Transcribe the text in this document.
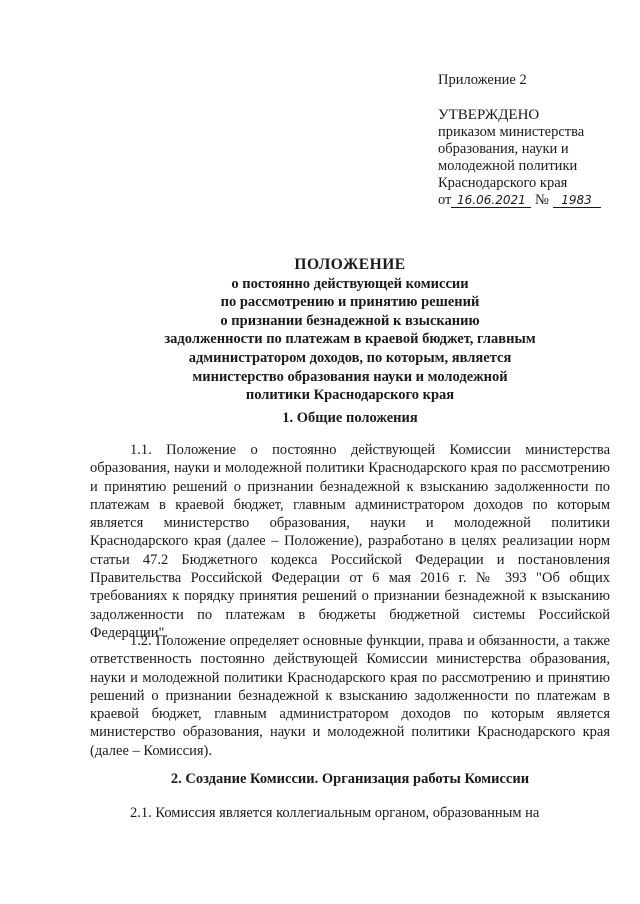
Приложение 2
УТВЕРЖДЕНО
приказом министерства
образования, науки и
молодежной политики
Краснодарского края
от 16.06.2021 № 1983
ПОЛОЖЕНИЕ
о постоянно действующей комиссии
по рассмотрению и принятию решений
о признании безнадежной к взысканию
задолженности по платежам в краевой бюджет, главным
администратором доходов, по которым, является
министерство образования науки и молодежной
политики Краснодарского края
1. Общие положения
1.1. Положение о постоянно действующей Комиссии министерства образования, науки и молодежной политики Краснодарского края по рассмотрению и принятию решений о признании безнадежной к взысканию задолженности по платежам в краевой бюджет, главным администратором доходов по которым является министерство образования, науки и молодежной политики Краснодарского края (далее – Положение), разработано в целях реализации норм статьи 47.2 Бюджетного кодекса Российской Федерации и постановления Правительства Российской Федерации от 6 мая 2016 г. № 393 "Об общих требованиях к порядку принятия решений о признании безнадежной к взысканию задолженности по платежам в бюджеты бюджетной системы Российской Федерации".
1.2. Положение определяет основные функции, права и обязанности, а также ответственность постоянно действующей Комиссии министерства образования, науки и молодежной политики Краснодарского края по рассмотрению и принятию решений о признании безнадежной к взысканию задолженности по платежам в краевой бюджет, главным администратором доходов по которым является министерство образования, науки и молодежной политики Краснодарского края (далее – Комиссия).
2. Создание Комиссии. Организация работы Комиссии
2.1. Комиссия является коллегиальным органом, образованным на
